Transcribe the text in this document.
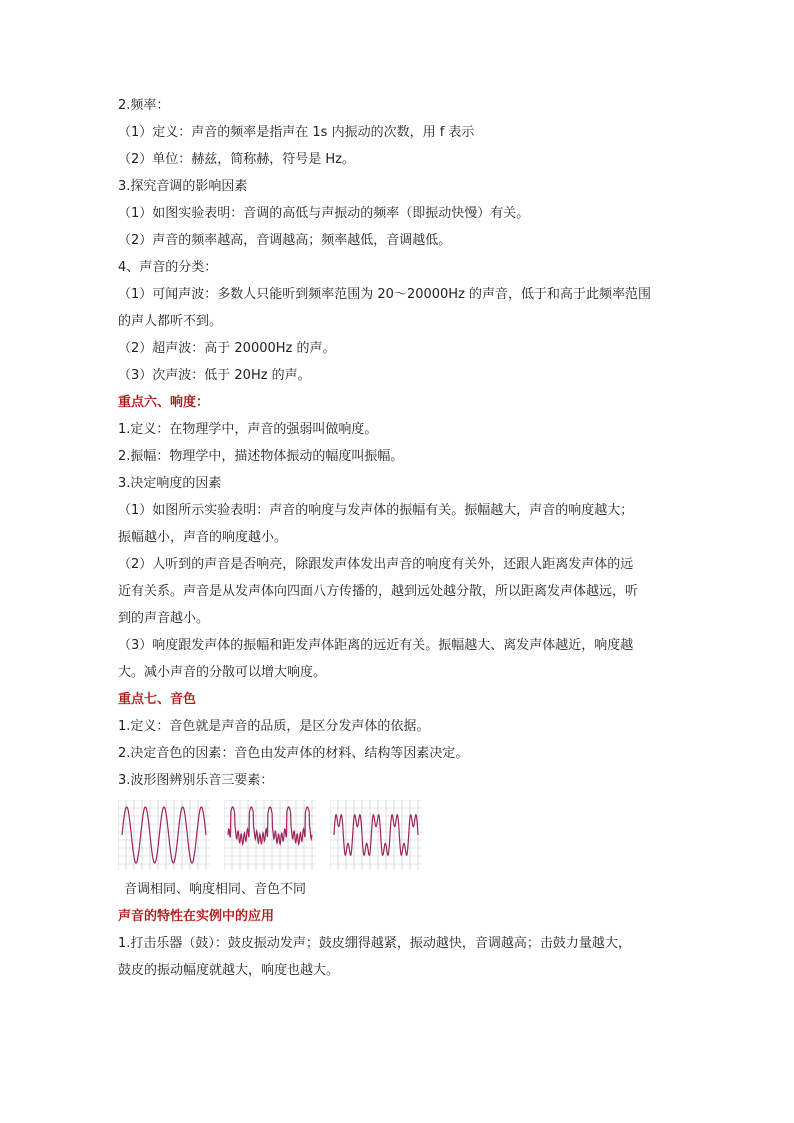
2.频率：
（1）定义：声音的频率是指声在 1s 内振动的次数，用 f 表示
（2）单位：赫兹，简称赫，符号是 Hz。
3.探究音调的影响因素
（1）如图实验表明：音调的高低与声振动的频率（即振动快慢）有关。
（2）声音的频率越高，音调越高；频率越低，音调越低。
4、声音的分类：
（1）可闻声波：多数人只能听到频率范围为 20～20000Hz 的声音，低于和高于此频率范围
的声人都听不到。
（2）超声波：高于 20000Hz 的声。
（3）次声波：低于 20Hz 的声。
重点六、响度：
1.定义：在物理学中，声音的强弱叫做响度。
2.振幅：物理学中，描述物体振动的幅度叫振幅。
3.决定响度的因素
（1）如图所示实验表明：声音的响度与发声体的振幅有关。振幅越大，声音的响度越大；
振幅越小，声音的响度越小。
（2）人听到的声音是否响亮，除跟发声体发出声音的响度有关外，还跟人距离发声体的远
近有关系。声音是从发声体向四面八方传播的，越到远处越分散，所以距离发声体越远，听
到的声音越小。
（3）响度跟发声体的振幅和距发声体距离的远近有关。振幅越大、离发声体越近，响度越
大。减小声音的分散可以增大响度。
重点七、音色
1.定义：音色就是声音的品质，是区分发声体的依据。
2.决定音色的因素：音色由发声体的材料、结构等因素决定。
3.波形图辨别乐音三要素：
音调相同、响度相同、音色不同
声音的特性在实例中的应用
1.打击乐器（鼓）：鼓皮振动发声；鼓皮绷得越紧，振动越快，音调越高；击鼓力量越大，
鼓皮的振动幅度就越大，响度也越大。
